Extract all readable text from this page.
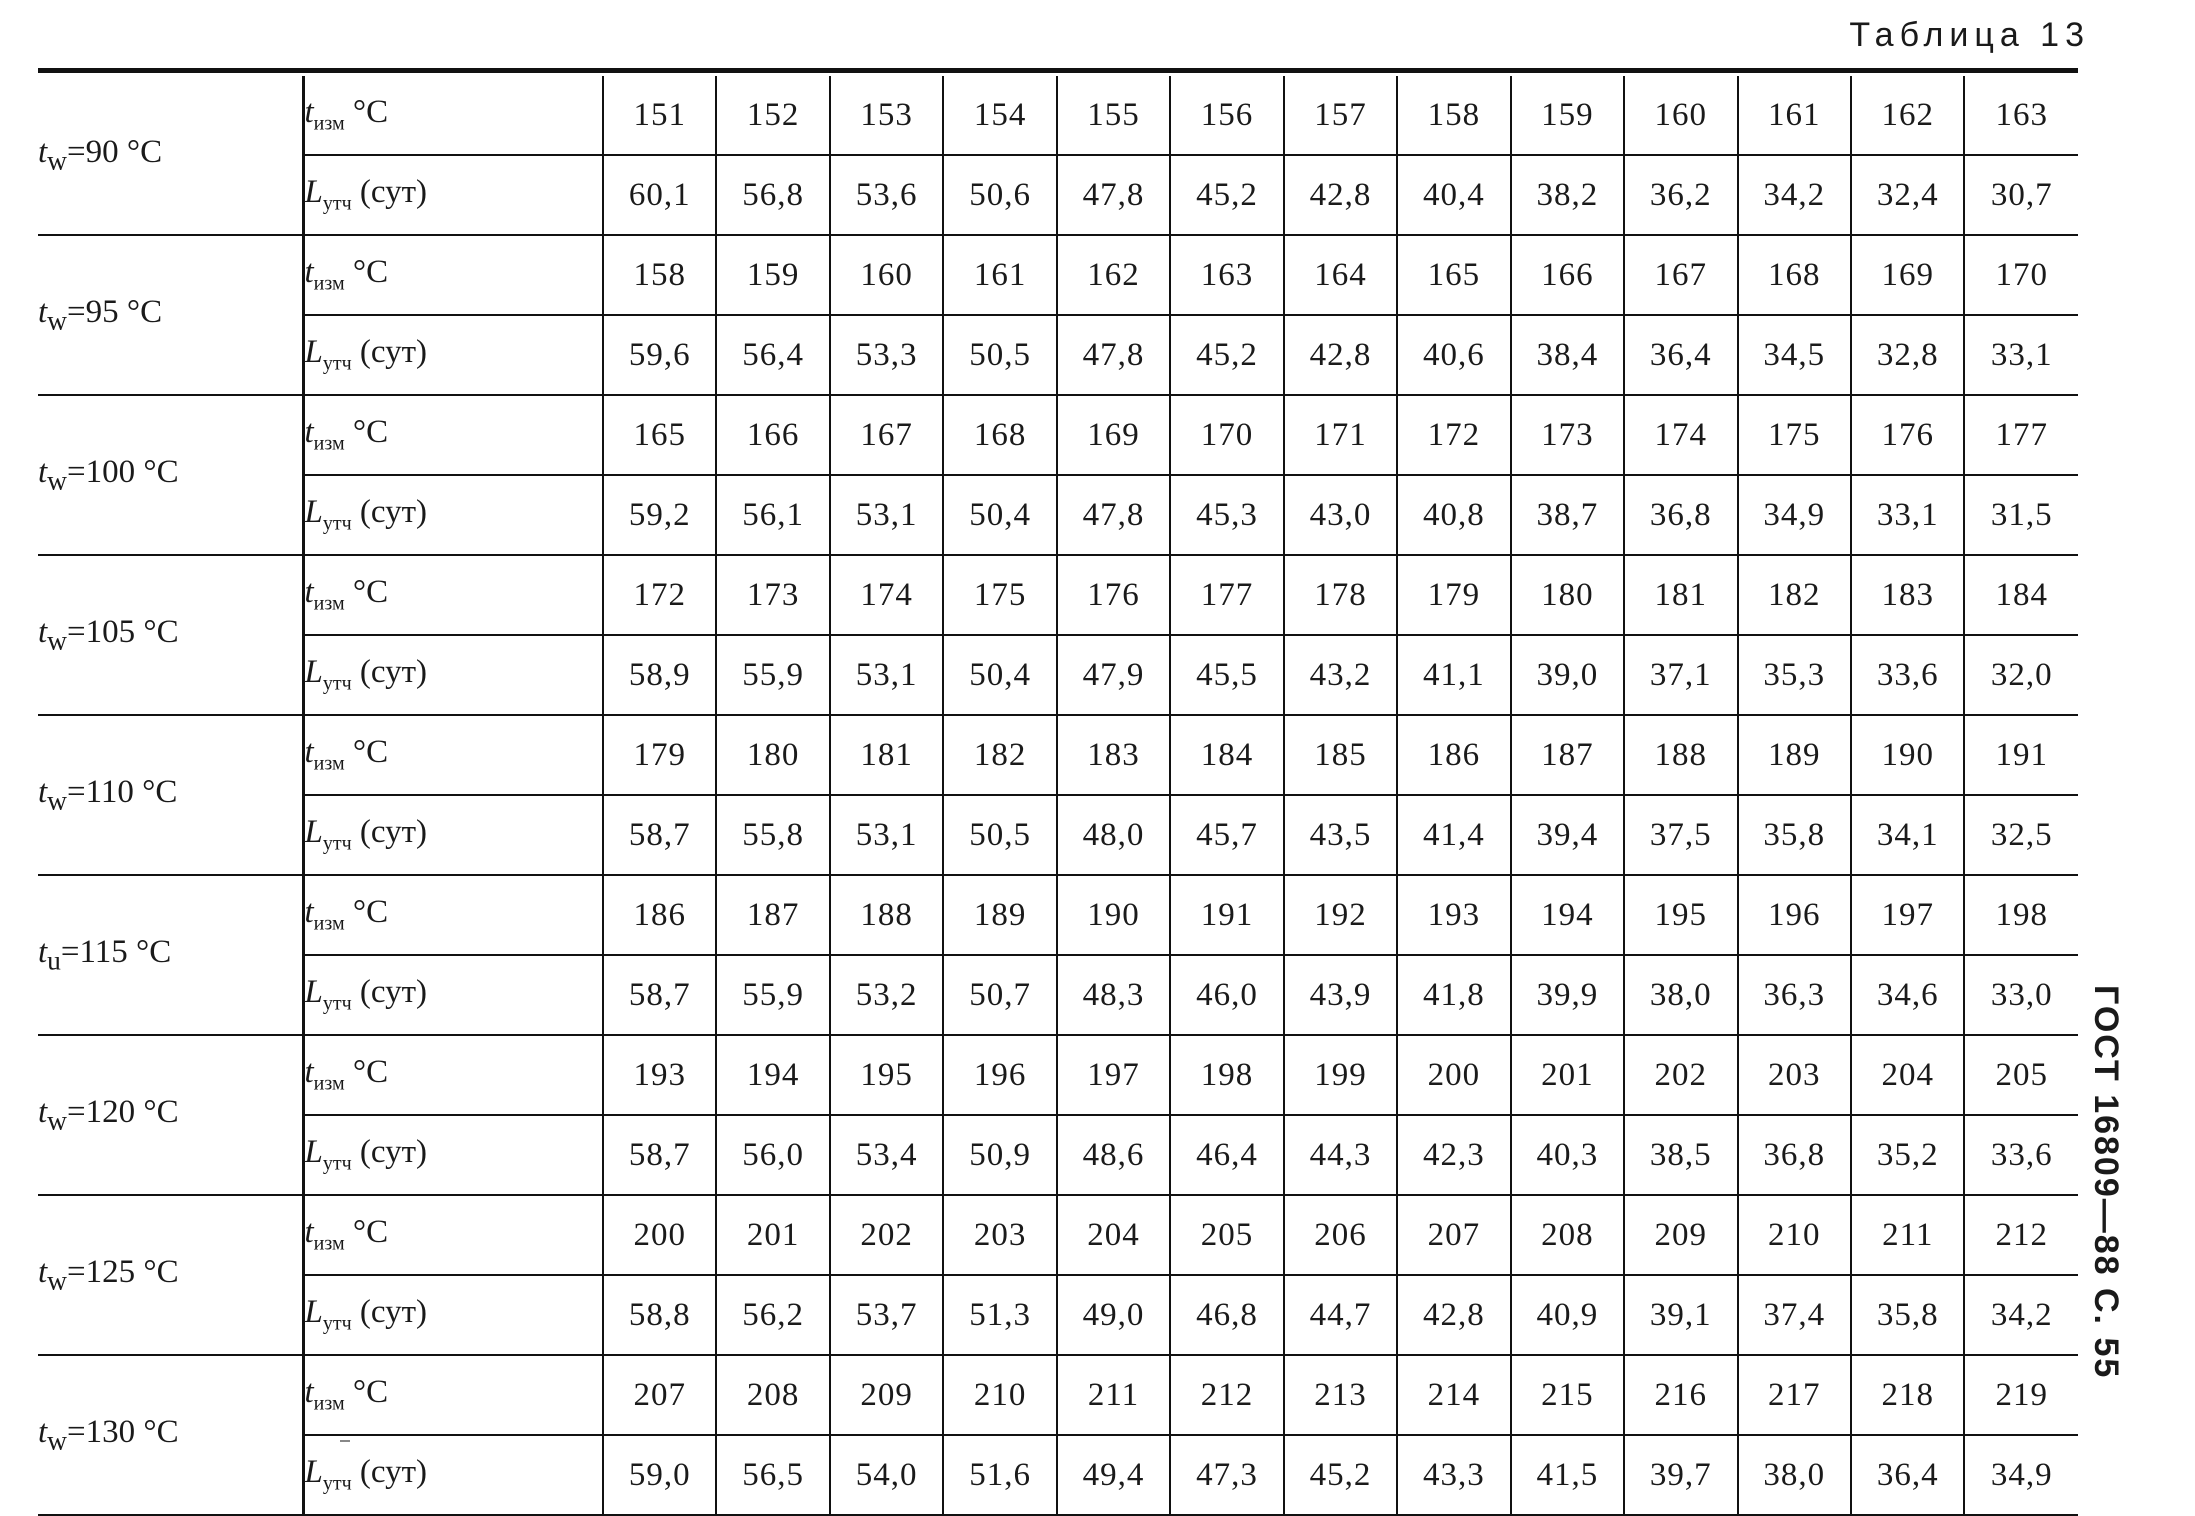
Таблица 13
$t_w=90$ °C	$t_{изм}$ °C	151	152	153	154	155	156	157	158	159	160	161	162	163
	$L_{утч}$ (сут)	60,1	56,8	53,6	50,6	47,8	45,2	42,8	40,4	38,2	36,2	34,2	32,4	30,7
$t_w=95$ °C	$t_{изм}$ °C	158	159	160	161	162	163	164	165	166	167	168	169	170
	$L_{утч}$ (сут)	59,6	56,4	53,3	50,5	47,8	45,2	42,8	40,6	38,4	36,4	34,5	32,8	33,1
$t_w=100$ °C	$t_{изм}$ °C	165	166	167	168	169	170	171	172	173	174	175	176	177
	$L_{утч}$ (сут)	59,2	56,1	53,1	50,4	47,8	45,3	43,0	40,8	38,7	36,8	34,9	33,1	31,5
$t_w=105$ °C	$t_{изм}$ °C	172	173	174	175	176	177	178	179	180	181	182	183	184
	$L_{утч}$ (сут)	58,9	55,9	53,1	50,4	47,9	45,5	43,2	41,1	39,0	37,1	35,3	33,6	32,0
$t_w=110$ °C	$t_{изм}$ °C	179	180	181	182	183	184	185	186	187	188	189	190	191
	$L_{утч}$ (сут)	58,7	55,8	53,1	50,5	48,0	45,7	43,5	41,4	39,4	37,5	35,8	34,1	32,5
$t_u=115$ °C	$t_{изм}$ °C	186	187	188	189	190	191	192	193	194	195	196	197	198
	$L_{утч}$ (сут)	58,7	55,9	53,2	50,7	48,3	46,0	43,9	41,8	39,9	38,0	36,3	34,6	33,0
$t_w=120$ °C	$t_{изм}$ °C	193	194	195	196	197	198	199	200	201	202	203	204	205
	$L_{утч}$ (сут)	58,7	56,0	53,4	50,9	48,6	46,4	44,3	42,3	40,3	38,5	36,8	35,2	33,6
$t_w=125$ °C	$t_{изм}$ °C	200	201	202	203	204	205	206	207	208	209	210	211	212
	$L_{утч}$ (сут)	58,8	56,2	53,7	51,3	49,0	46,8	44,7	42,8	40,9	39,1	37,4	35,8	34,2
$t_w=130$ °C	$t_{изм}$ °C	207	208	209	210	211	212	213	214	215	216	217	218	219
	$L_{утч}$ (сут)	59,0	56,5	54,0	51,6	49,4	47,3	45,2	43,3	41,5	39,7	38,0	36,4	34,9
ГОСТ 16809—88 С. 55
